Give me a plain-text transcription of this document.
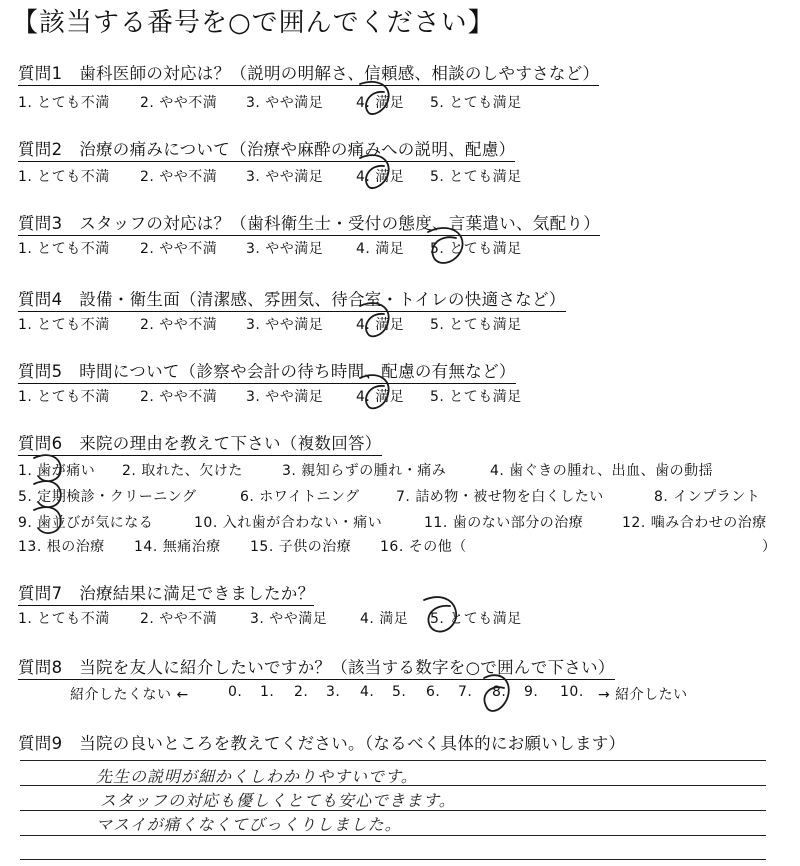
【該当する番号を○で囲んでください】
質問1　歯科医師の対応は？（説明の明解さ、信頼感、相談のしやすさなど）
1. とても不満 2. やや不満 3. やや満足 4. 満足 5. とても満足
質問2　治療の痛みについて（治療や麻酔の痛みへの説明、配慮）
1. とても不満 2. やや不満 3. やや満足 4. 満足 5. とても満足
質問3　スタッフの対応は？（歯科衛生士・受付の態度、言葉遣い、気配り）
1. とても不満 2. やや不満 3. やや満足 4. 満足 5. とても満足
質問4　設備・衛生面（清潔感、雰囲気、待合室・トイレの快適さなど）
1. とても不満 2. やや不満 3. やや満足 4. 満足 5. とても満足
質問5　時間について（診察や会計の待ち時間、配慮の有無など）
1. とても不満 2. やや不満 3. やや満足 4. 満足 5. とても満足
質問6　来院の理由を教えて下さい（複数回答）
1. 歯が痛い 2. 取れた、欠けた	3. 親知らずの腫れ・痛み	4. 歯ぐきの腫れ、出血、歯の動揺
5. 定期検診・クリーニング	6. ホワイトニング	7. 詰め物・被せ物を白くしたい	8. インプラント
9. 歯並びが気になる	10. 入れ歯が合わない・痛い	11. 歯のない部分の治療	12. 噛み合わせの治療
13. 根の治療 14. 無痛治療 15. 子供の治療 16. その他（	）
質問7　治療結果に満足できましたか？
1. とても不満 2. やや不満 3. やや満足 4. 満足 5. とても満足
質問8　当院を友人に紹介したいですか？（該当する数字を○で囲んで下さい）
紹介したくない ←	0. 1. 2. 3. 4. 5. 6. 7. 8. 9. 10. → 紹介したい
質問9　当院の良いところを教えてください。（なるべく具体的にお願いします）
先生の説明が細かくしわかりやすいです。
スタッフの対応も優しくとても安心できます。
マスイが痛くなくてびっくりしました。
